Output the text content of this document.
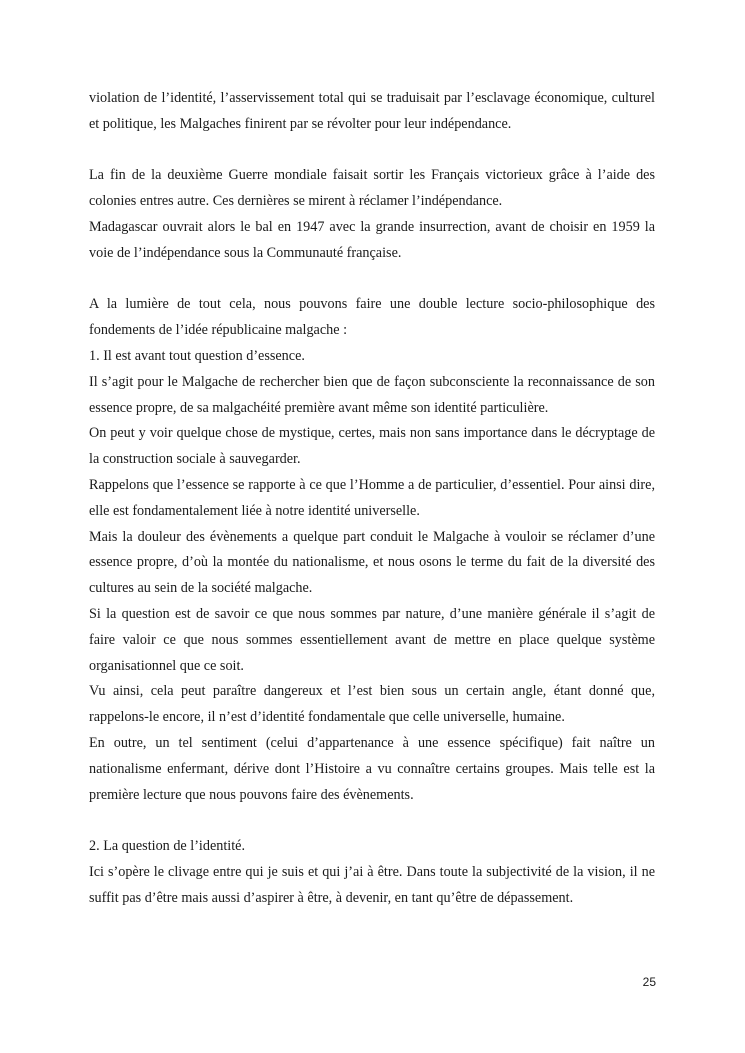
violation de l’identité, l’asservissement total qui se traduisait par l’esclavage économique, culturel et politique, les Malgaches finirent par se révolter pour leur indépendance.

La fin de la deuxième Guerre mondiale faisait sortir les Français victorieux grâce à l’aide des colonies entres autre. Ces dernières se mirent à réclamer l’indépendance.

Madagascar ouvrait alors le bal en 1947 avec la grande insurrection, avant de choisir en 1959 la voie de l’indépendance sous la Communauté française.

A la lumière de tout cela, nous pouvons faire une double lecture socio-philosophique des fondements de l’idée républicaine malgache :

1. Il est avant tout question d’essence.

Il s’agit pour le Malgache de rechercher bien que de façon subconsciente la reconnaissance de son essence propre, de sa malgachéité première avant même son identité particulière.

On peut y voir quelque chose de mystique, certes, mais non sans importance dans le décryptage de la construction sociale à sauvegarder.

Rappelons que l’essence se rapporte à ce que l’Homme a de particulier, d’essentiel. Pour ainsi dire, elle est fondamentalement liée à notre identité universelle.

Mais la douleur des évènements a quelque part conduit le Malgache à vouloir se réclamer d’une essence propre, d’où la montée du nationalisme, et nous osons le terme du fait de la diversité des cultures au sein de la société malgache.

Si la question est de savoir ce que nous sommes par nature, d’une manière générale il s’agit de faire valoir ce que nous sommes essentiellement avant de mettre en place quelque système organisationnel que ce soit.

Vu ainsi, cela peut paraître dangereux et l’est bien sous un certain angle, étant donné que, rappelons-le encore, il n’est d’identité fondamentale que celle universelle, humaine.

En outre, un tel sentiment (celui d’appartenance à une essence spécifique) fait naître un nationalisme enfermant, dérive dont l’Histoire a vu connaître certains groupes. Mais telle est la première lecture que nous pouvons faire des évènements.

2. La question de l’identité.

Ici s’opère le clivage entre qui je suis et qui j’ai à être. Dans toute la subjectivité de la vision, il ne suffit pas d’être mais aussi d’aspirer à être, à devenir, en tant qu’être de dépassement.

25
